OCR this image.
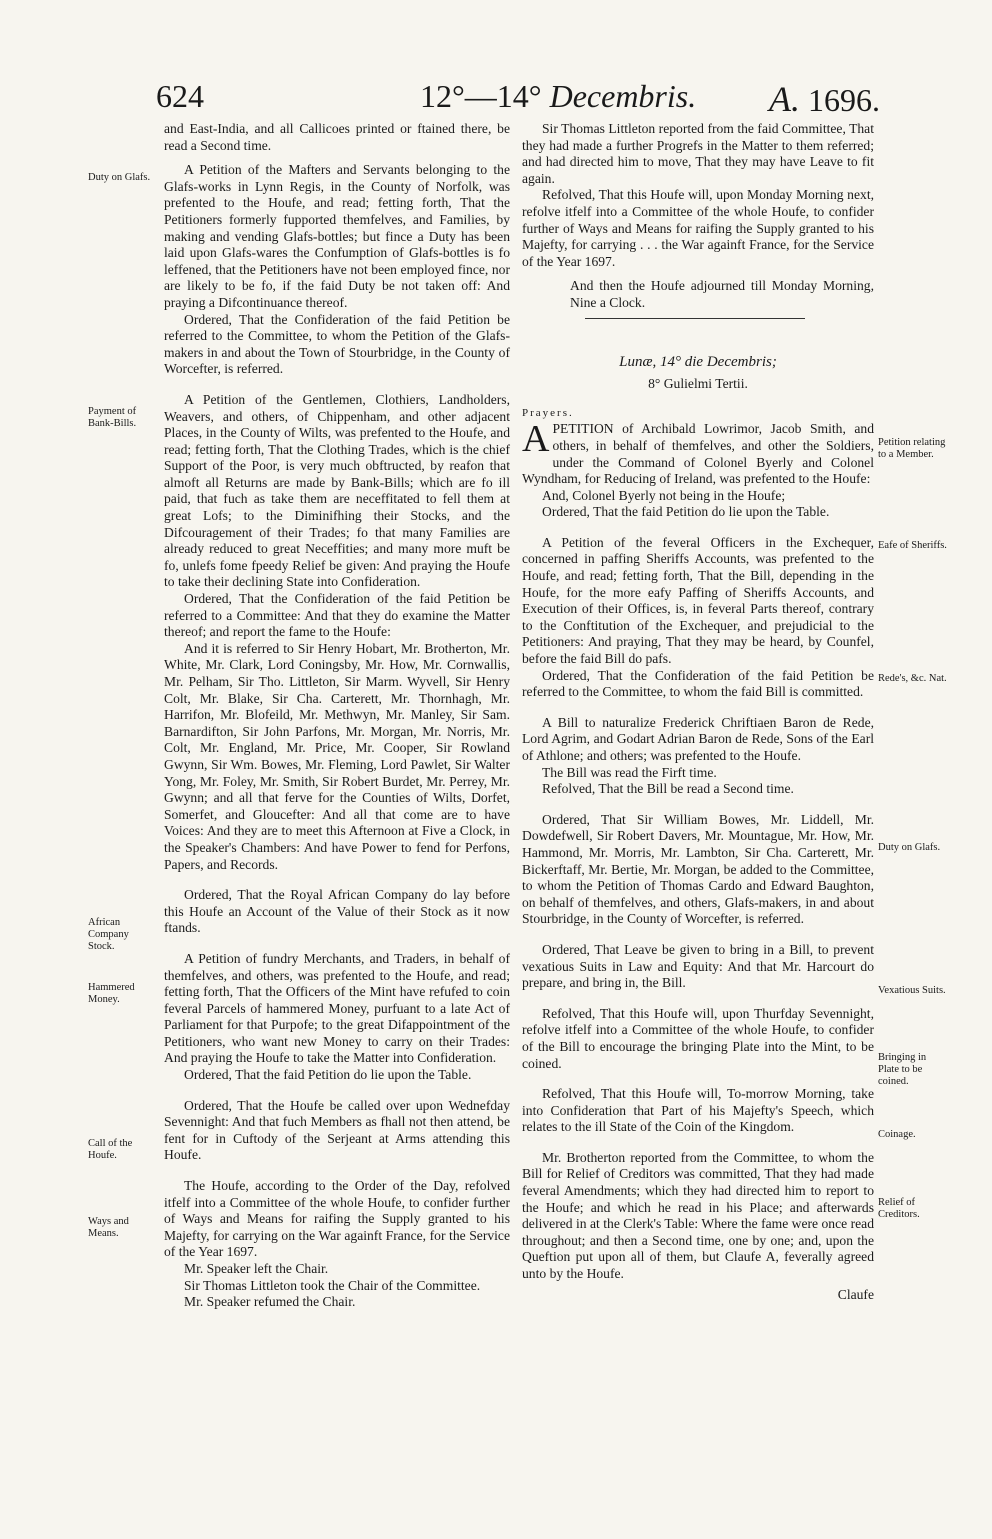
624	12°—14° Decembris. A. 1696.
Duty on Glafs.
Payment of Bank-Bills.
African Company Stock.
Hammered Money.
Call of the Houfe.
Ways and Means.
Petition relating to a Member.
Eafe of Sheriffs.
Rede's, &c. Nat.
Duty on Glafs.
Vexatious Suits.
Bringing in Plate to be coined.
Coinage.
Relief of Creditors.

and East-India, and all Callicoes printed or ftained there, be read a Second time.

A Petition of the Mafters and Servants belonging to the Glafs-works in Lynn Regis, in the County of Norfolk, was prefented to the Houfe, and read; fetting forth, That the Petitioners formerly fupported themfelves, and Families, by making and vending Glafs-bottles; but fince a Duty has been laid upon Glafs-wares the Confumption of Glafs-bottles is fo leffened, that the Petitioners have not been employed fince, nor are likely to be fo, if the faid Duty be not taken off: And praying a Difcontinuance thereof.

Ordered, That the Confideration of the faid Petition be referred to the Committee, to whom the Petition of the Glafs-makers in and about the Town of Stourbridge, in the County of Worcefter, is referred.

A Petition of the Gentlemen, Clothiers, Landholders, Weavers, and others, of Chippenham, and other adjacent Places, in the County of Wilts, was prefented to the Houfe, and read; fetting forth, That the Clothing Trades, which is the chief Support of the Poor, is very much obftructed, by reafon that almoft all Returns are made by Bank-Bills; which are fo ill paid, that fuch as take them are neceffitated to fell them at great Lofs; to the Diminifhing their Stocks, and the Difcouragement of their Trades; fo that many Families are already reduced to great Neceffities; and many more muft be fo, unlefs fome fpeedy Relief be given: And praying the Houfe to take their declining State into Confideration.

Ordered, That the Confideration of the faid Petition be referred to a Committee: And that they do examine the Matter thereof; and report the fame to the Houfe:

And it is referred to Sir Henry Hobart, Mr. Brotherton, Mr. White, Mr. Clark, Lord Coningsby, Mr. How, Mr. Cornwallis, Mr. Pelham, Sir Tho. Littleton, Sir Marm. Wyvell, Sir Henry Colt, Mr. Blake, Sir Cha. Carterett, Mr. Thornhagh, Mr. Harrifon, Mr. Blofeild, Mr. Methwyn, Mr. Manley, Sir Sam. Barnardifton, Sir John Parfons, Mr. Morgan, Mr. Norris, Mr. Colt, Mr. England, Mr. Price, Mr. Cooper, Sir Rowland Gwynn, Sir Wm. Bowes, Mr. Fleming, Lord Pawlet, Sir Walter Yong, Mr. Foley, Mr. Smith, Sir Robert Burdet, Mr. Perrey, Mr. Gwynn; and all that ferve for the Counties of Wilts, Dorfet, Somerfet, and Gloucefter: And all that come are to have Voices: And they are to meet this Afternoon at Five a Clock, in the Speaker's Chambers: And have Power to fend for Perfons, Papers, and Records.

Ordered, That the Royal African Company do lay before this Houfe an Account of the Value of their Stock as it now ftands.

A Petition of fundry Merchants, and Traders, in behalf of themfelves, and others, was prefented to the Houfe, and read; fetting forth, That the Officers of the Mint have refufed to coin feveral Parcels of hammered Money, purfuant to a late Act of Parliament for that Purpofe; to the great Difappointment of the Petitioners, who want new Money to carry on their Trades: And praying the Houfe to take the Matter into Confideration.

Ordered, That the faid Petition do lie upon the Table.

Ordered, That the Houfe be called over upon Wednefday Sevennight: And that fuch Members as fhall not then attend, be fent for in Cuftody of the Serjeant at Arms attending this Houfe.

The Houfe, according to the Order of the Day, refolved itfelf into a Committee of the whole Houfe, to confider further of Ways and Means for raifing the Supply granted to his Majefty, for carrying on the War againft France, for the Service of the Year 1697.

Mr. Speaker left the Chair.

Sir Thomas Littleton took the Chair of the Committee.

Mr. Speaker refumed the Chair.

Sir Thomas Littleton reported from the faid Committee, That they had made a further Progrefs in the Matter to them referred; and had directed him to move, That they may have Leave to fit again.

Refolved, That this Houfe will, upon Monday Morning next, refolve itfelf into a Committee of the whole Houfe, to confider further of Ways and Means for raifing the Supply granted to his Majefty, for carrying . . . the War againft France, for the Service of the Year 1697.

And then the Houfe adjourned till Monday Morning, Nine a Clock.

Lunæ, 14° die Decembris;

8° Gulielmi Tertii.

Prayers.

APETITION of Archibald Lowrimor, Jacob Smith, and others, in behalf of themfelves, and other the Soldiers, under the Command of Colonel Byerly and Colonel Wyndham, for Reducing of Ireland, was prefented to the Houfe:

And, Colonel Byerly not being in the Houfe;

Ordered, That the faid Petition do lie upon the Table.

A Petition of the feveral Officers in the Exchequer, concerned in paffing Sheriffs Accounts, was prefented to the Houfe, and read; fetting forth, That the Bill, depending in the Houfe, for the more eafy Paffing of Sheriffs Accounts, and Execution of their Offices, is, in feveral Parts thereof, contrary to the Conftitution of the Exchequer, and prejudicial to the Petitioners: And praying, That they may be heard, by Counfel, before the faid Bill do pafs.

Ordered, That the Confideration of the faid Petition be referred to the Committee, to whom the faid Bill is committed.

A Bill to naturalize Frederick Chriftiaen Baron de Rede, Lord Agrim, and Godart Adrian Baron de Rede, Sons of the Earl of Athlone; and others; was prefented to the Houfe.

The Bill was read the Firft time.

Refolved, That the Bill be read a Second time.

Ordered, That Sir William Bowes, Mr. Liddell, Mr. Dowdefwell, Sir Robert Davers, Mr. Mountague, Mr. How, Mr. Hammond, Mr. Morris, Mr. Lambton, Sir Cha. Carterett, Mr. Bickerftaff, Mr. Bertie, Mr. Morgan, be added to the Committee, to whom the Petition of Thomas Cardo and Edward Baughton, on behalf of themfelves, and others, Glafs-makers, in and about Stourbridge, in the County of Worcefter, is referred.

Ordered, That Leave be given to bring in a Bill, to prevent vexatious Suits in Law and Equity: And that Mr. Harcourt do prepare, and bring in, the Bill.

Refolved, That this Houfe will, upon Thurfday Sevennight, refolve itfelf into a Committee of the whole Houfe, to confider of the Bill to encourage the bringing Plate into the Mint, to be coined.

Refolved, That this Houfe will, To-morrow Morning, take into Confideration that Part of his Majefty's Speech, which relates to the ill State of the Coin of the Kingdom.

Mr. Brotherton reported from the Committee, to whom the Bill for Relief of Creditors was committed, That they had made feveral Amendments; which they had directed him to report to the Houfe; and which he read in his Place; and afterwards delivered in at the Clerk's Table: Where the fame were once read throughout; and then a Second time, one by one; and, upon the Queftion put upon all of them, but Claufe A, feverally agreed unto by the Houfe.

Claufe
